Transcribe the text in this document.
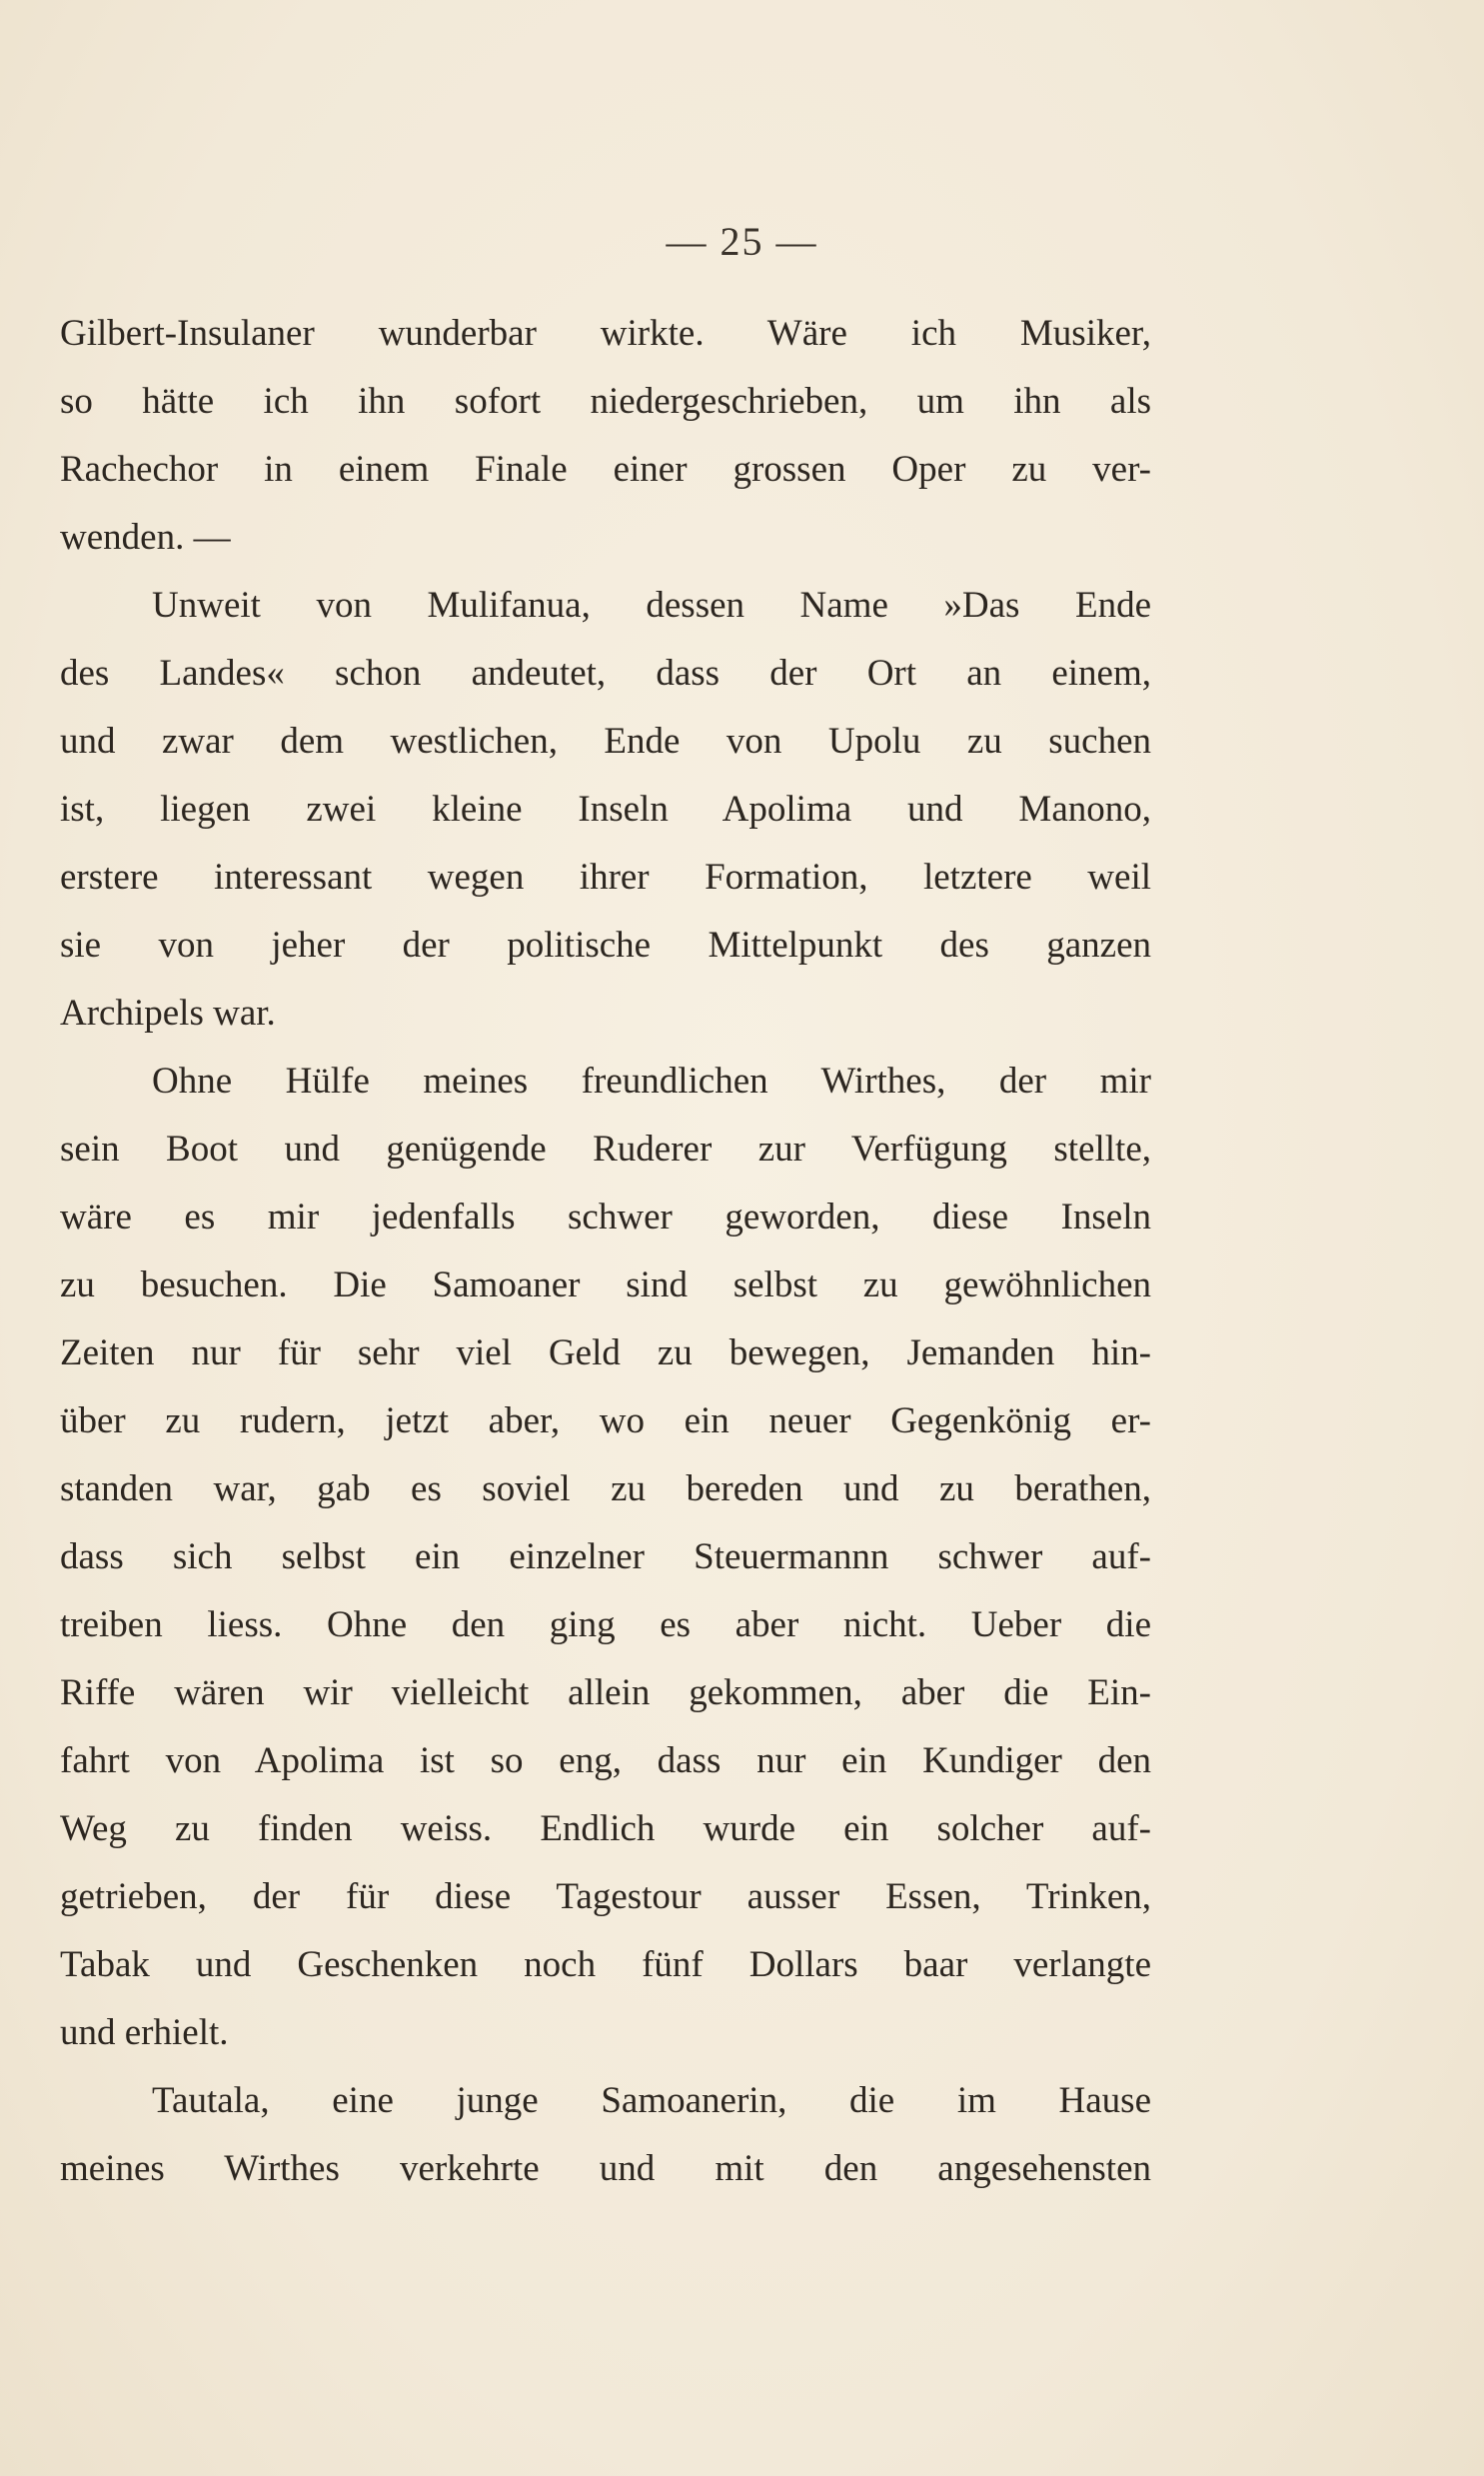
— 25 —
Gilbert-Insulaner wunderbar wirkte. Wäre ich Musiker,
so hätte ich ihn sofort niedergeschrieben, um ihn als
Rachechor in einem Finale einer grossen Oper zu ver-
wenden. —
Unweit von Mulifanua, dessen Name »Das Ende
des Landes« schon andeutet, dass der Ort an einem,
und zwar dem westlichen, Ende von Upolu zu suchen
ist, liegen zwei kleine Inseln Apolima und Manono,
erstere interessant wegen ihrer Formation, letztere weil
sie von jeher der politische Mittelpunkt des ganzen
Archipels war.
Ohne Hülfe meines freundlichen Wirthes, der mir
sein Boot und genügende Ruderer zur Verfügung stellte,
wäre es mir jedenfalls schwer geworden, diese Inseln
zu besuchen. Die Samoaner sind selbst zu gewöhnlichen
Zeiten nur für sehr viel Geld zu bewegen, Jemanden hin-
über zu rudern, jetzt aber, wo ein neuer Gegenkönig er-
standen war, gab es soviel zu bereden und zu berathen,
dass sich selbst ein einzelner Steuermannn schwer auf-
treiben liess. Ohne den ging es aber nicht. Ueber die
Riffe wären wir vielleicht allein gekommen, aber die Ein-
fahrt von Apolima ist so eng, dass nur ein Kundiger den
Weg zu finden weiss. Endlich wurde ein solcher auf-
getrieben, der für diese Tagestour ausser Essen, Trinken,
Tabak und Geschenken noch fünf Dollars baar verlangte
und erhielt.
Tautala, eine junge Samoanerin, die im Hause
meines Wirthes verkehrte und mit den angesehensten
